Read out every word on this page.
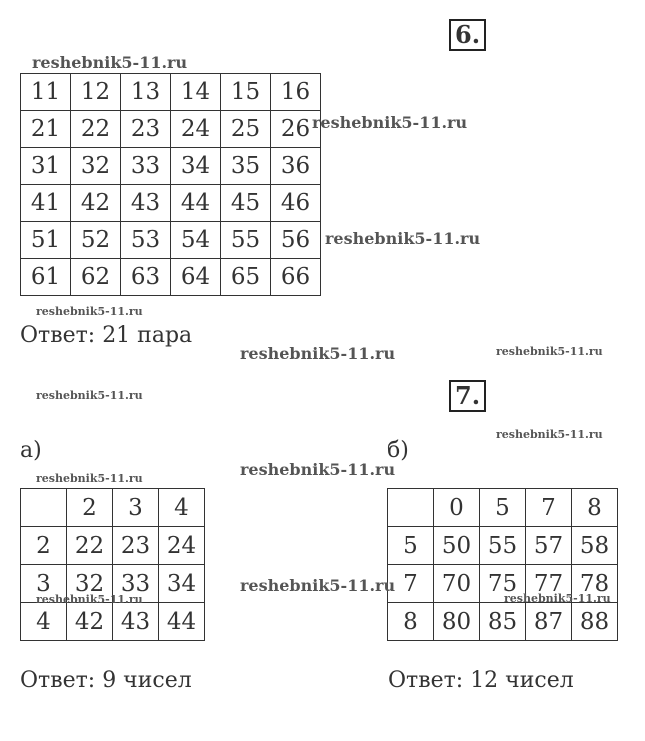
6.
reshebnik5-11.ru
11	12	13	14	15	16
21	22	23	24	25	26
31	32	33	34	35	36
41	42	43	44	45	46
51	52	53	54	55	56
61	62	63	64	65	66
reshebnik5-11.ru
reshebnik5-11.ru
reshebnik5-11.ru
Ответ: 21 пара
reshebnik5-11.ru	reshebnik5-11.ru
7.
reshebnik5-11.ru
reshebnik5-11.ru
а)	б)
reshebnik5-11.ru	reshebnik5-11.ru
	2	3	4
2	22	23	24
3	32	33	34
4	42	43	44
	0	5	7	8
5	50	55	57	58
7	70	75	77	78
8	80	85	87	88
reshebnik5-11.ru
reshebnik5-11.ru	reshebnik5-11.ru
Ответ: 9 чисел	Ответ: 12 чисел
